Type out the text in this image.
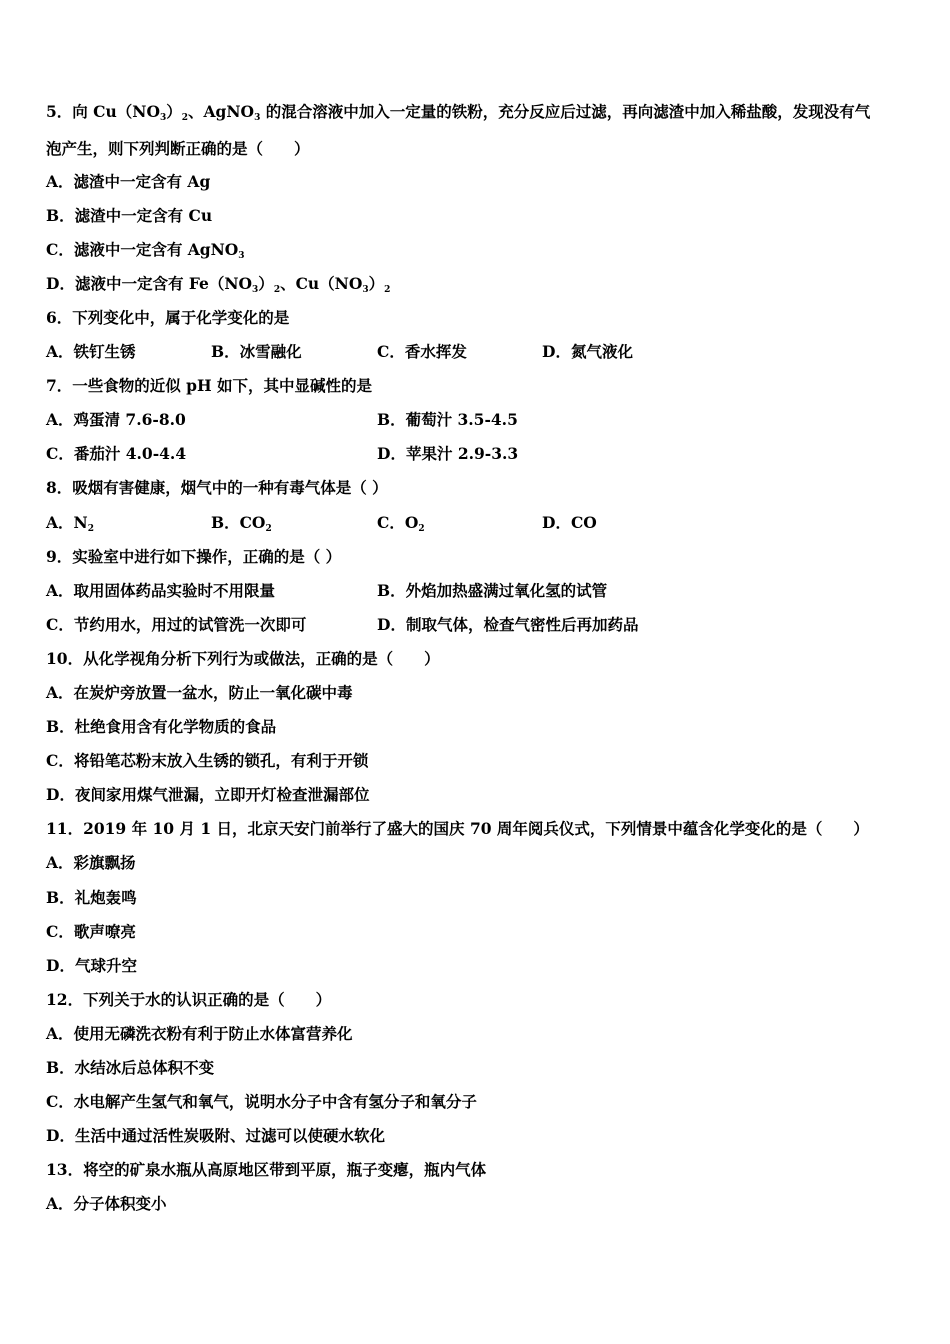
5．向 $Cu(NO_3)_2$、AgNO$_3$ 的混合溶液中加入一定量的铁粉，充分反应后过滤，再向滤渣中加入稀盐酸，发现没有气

泡产生，则下列判断正确的是（　　）

A．滤渣中一定含有 Ag

B．滤渣中一定含有 Cu

C．滤液中一定含有 AgNO$_3$

D．滤液中一定含有 $Fe(NO_3)_2$、$Cu(NO_3)_2$

6．下列变化中，属于化学变化的是

A．铁钉生锈	B．冰雪融化	C．香水挥发	D．氮气液化

7．一些食物的近似 pH 如下，其中显碱性的是

A．鸡蛋清 7.6-8.0	B．葡萄汁 3.5-4.5

C．番茄汁 4.0-4.4	D．苹果汁 2.9-3.3

8．吸烟有害健康，烟气中的一种有毒气体是（ ）

A．$N_2$	B．$CO_2$	C．$O_2$	D．CO

9．实验室中进行如下操作，正确的是（ ）

A．取用固体药品实验时不用限量	B．外焰加热盛满过氧化氢的试管

C．节约用水，用过的试管洗一次即可	D．制取气体，检查气密性后再加药品

10．从化学视角分析下列行为或做法，正确的是（　　）

A．在炭炉旁放置一盆水，防止一氧化碳中毒

B．杜绝食用含有化学物质的食品

C．将铅笔芯粉末放入生锈的锁孔，有利于开锁

D．夜间家用煤气泄漏，立即开灯检查泄漏部位

11．2019 年 10 月 1 日，北京天安门前举行了盛大的国庆 70 周年阅兵仪式，下列情景中蕴含化学变化的是（　　）

A．彩旗飘扬

B．礼炮轰鸣

C．歌声嘹亮

D．气球升空

12．下列关于水的认识正确的是（　　）

A．使用无磷洗衣粉有利于防止水体富营养化

B．水结冰后总体积不变

C．水电解产生氢气和氧气，说明水分子中含有氢分子和氧分子

D．生活中通过活性炭吸附、过滤可以使硬水软化

13．将空的矿泉水瓶从高原地区带到平原，瓶子变瘪，瓶内气体

A．分子体积变小
